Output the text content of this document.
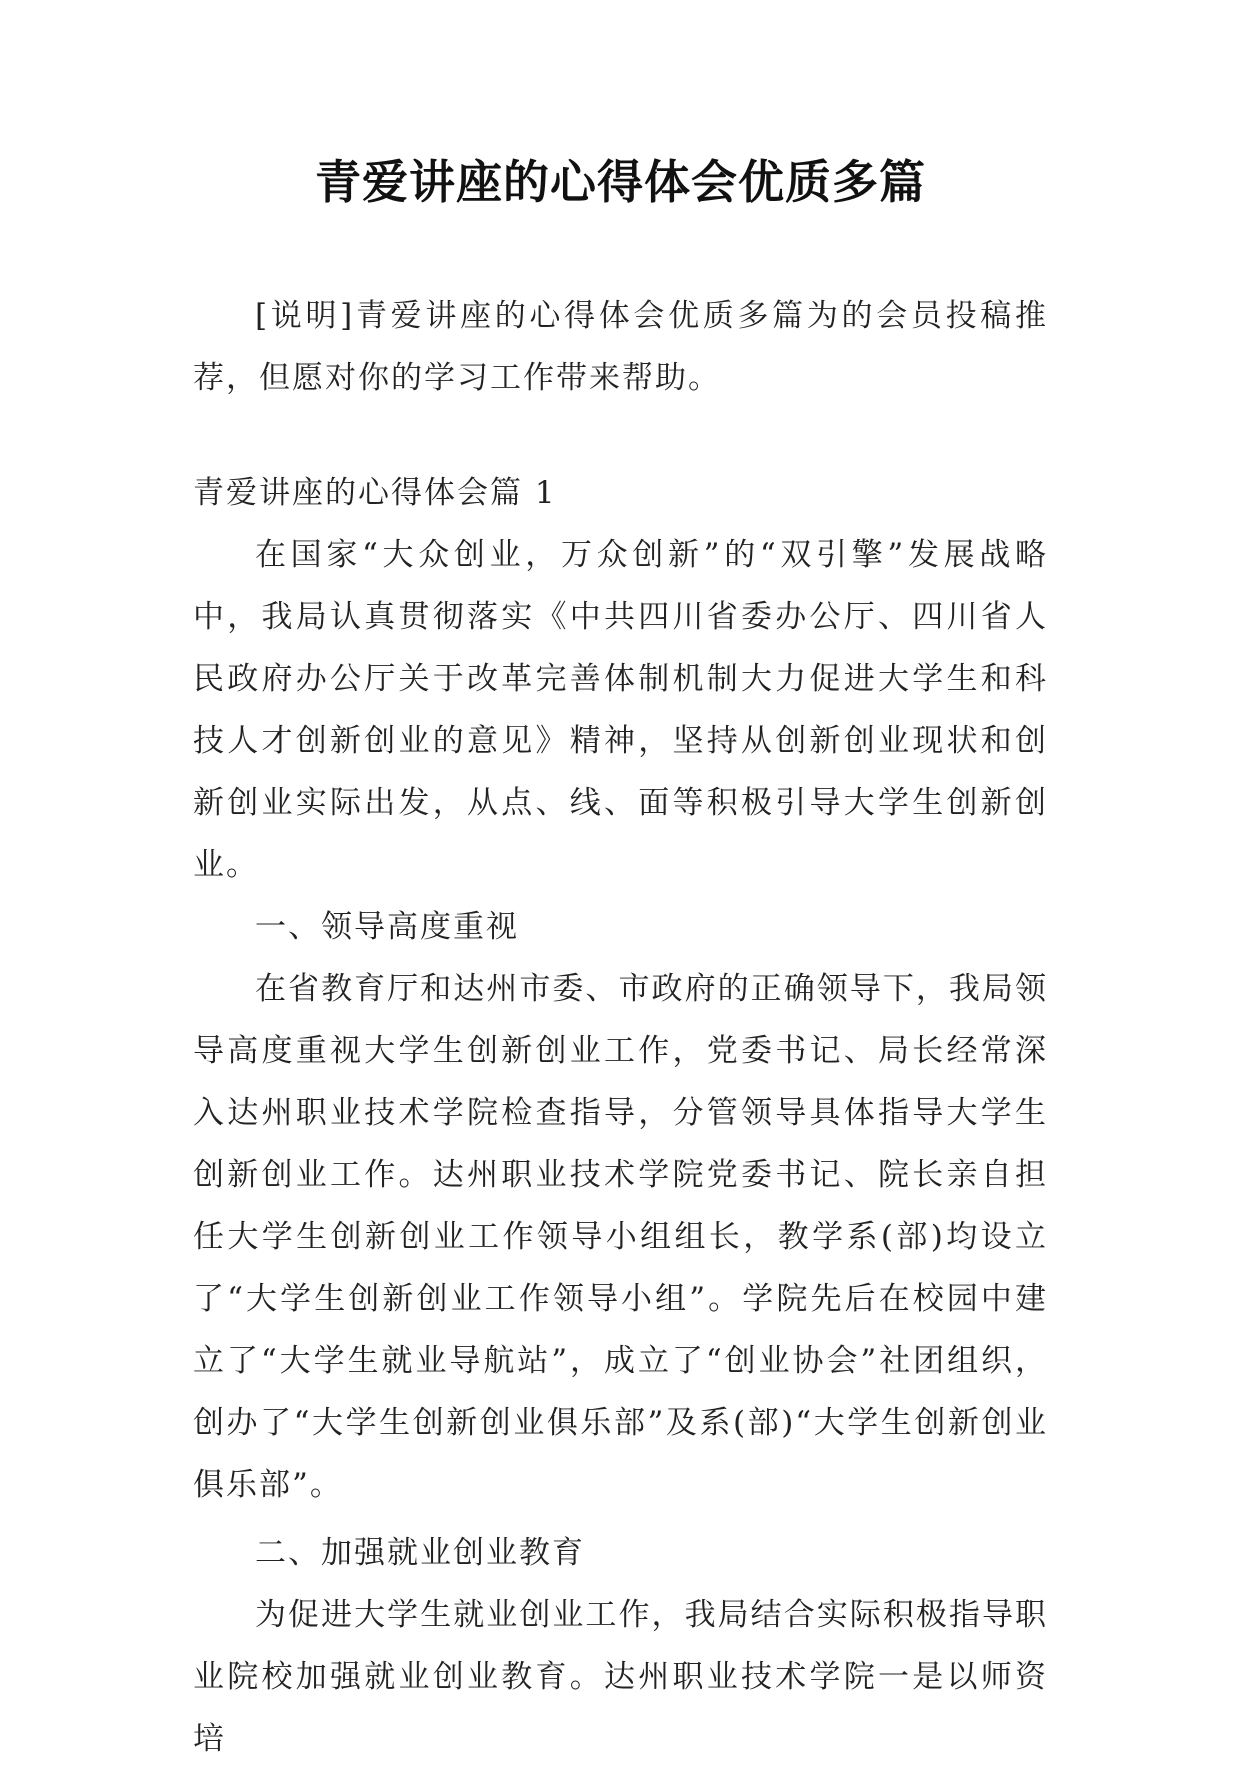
青爱讲座的心得体会优质多篇

[说明]青爱讲座的心得体会优质多篇为的会员投稿推荐，但愿对你的学习工作带来帮助。

青爱讲座的心得体会篇 1

在国家“大众创业，万众创新”的“双引擎”发展战略中，我局认真贯彻落实《中共四川省委办公厅、四川省人民政府办公厅关于改革完善体制机制大力促进大学生和科技人才创新创业的意见》精神，坚持从创新创业现状和创新创业实际出发，从点、线、面等积极引导大学生创新创业。

一、领导高度重视

在省教育厅和达州市委、市政府的正确领导下，我局领导高度重视大学生创新创业工作，党委书记、局长经常深入达州职业技术学院检查指导，分管领导具体指导大学生创新创业工作。达州职业技术学院党委书记、院长亲自担任大学生创新创业工作领导小组组长，教学系(部)均设立了“大学生创新创业工作领导小组”。学院先后在校园中建立了“大学生就业导航站”，成立了“创业协会”社团组织，创办了“大学生创新创业俱乐部”及系(部)“大学生创新创业俱乐部”。

二、加强就业创业教育

为促进大学生就业创业工作，我局结合实际积极指导职业院校加强就业创业教育。达州职业技术学院一是以师资培
